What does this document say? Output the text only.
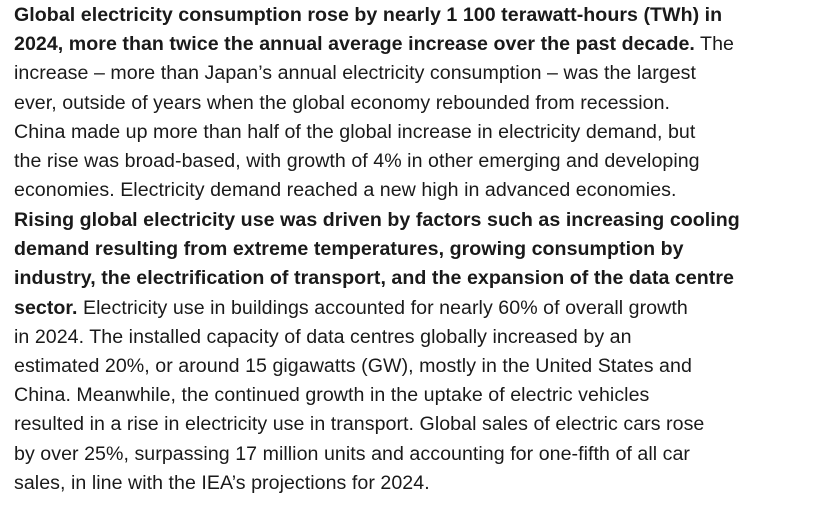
Global electricity consumption rose by nearly 1 100 terawatt-hours (TWh) in
2024, more than twice the annual average increase over the past decade. The
increase – more than Japan’s annual electricity consumption – was the largest
ever, outside of years when the global economy rebounded from recession.
China made up more than half of the global increase in electricity demand, but
the rise was broad-based, with growth of 4% in other emerging and developing
economies. Electricity demand reached a new high in advanced economies.
Rising global electricity use was driven by factors such as increasing cooling
demand resulting from extreme temperatures, growing consumption by
industry, the electrification of transport, and the expansion of the data centre
sector. Electricity use in buildings accounted for nearly 60% of overall growth
in 2024. The installed capacity of data centres globally increased by an
estimated 20%, or around 15 gigawatts (GW), mostly in the United States and
China. Meanwhile, the continued growth in the uptake of electric vehicles
resulted in a rise in electricity use in transport. Global sales of electric cars rose
by over 25%, surpassing 17 million units and accounting for one-fifth of all car
sales, in line with the IEA’s projections for 2024.
